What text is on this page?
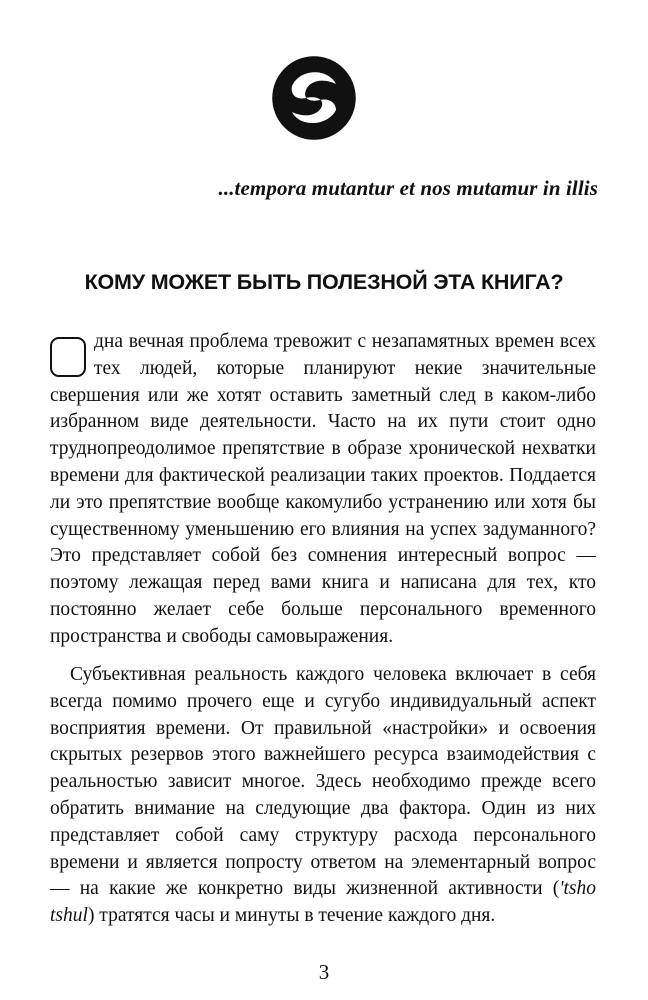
...tempora mutantur et nos mutamur in illis
КОМУ МОЖЕТ БЫТЬ ПОЛЕЗНОЙ ЭТА КНИГА?

дна вечная проблема тревожит с незапамятных времен всех тех людей, которые планируют некие значительные свершения или же хотят оставить заметный след в каком-либо избранном виде деятельности. Часто на их пути стоит одно труднопреодолимое препятствие в образе хронической нехватки времени для фактической реализации таких проектов. Поддается ли это препятствие вообще какомулибо устранению или хотя бы существенному уменьшению его влияния на успех задуманного? Это представляет собой без сомнения интересный вопрос — поэтому лежащая перед вами книга и написана для тех, кто постоянно желает себе больше персонального временного пространства и свободы самовыражения.

Субъективная реальность каждого человека включает в себя всегда помимо прочего еще и сугубо индивидуальный аспект восприятия времени. От правильной «настройки» и освоения скрытых резервов этого важнейшего ресурса взаимодействия с реальностью зависит многое. Здесь необходимо прежде всего обратить внимание на следующие два фактора. Один из них представляет собой саму структуру расхода персонального времени и является попросту ответом на элементарный вопрос — на какие же конкретно виды жизненной активности ('tsho tshul) тратятся часы и минуты в течение каждого дня.

3
